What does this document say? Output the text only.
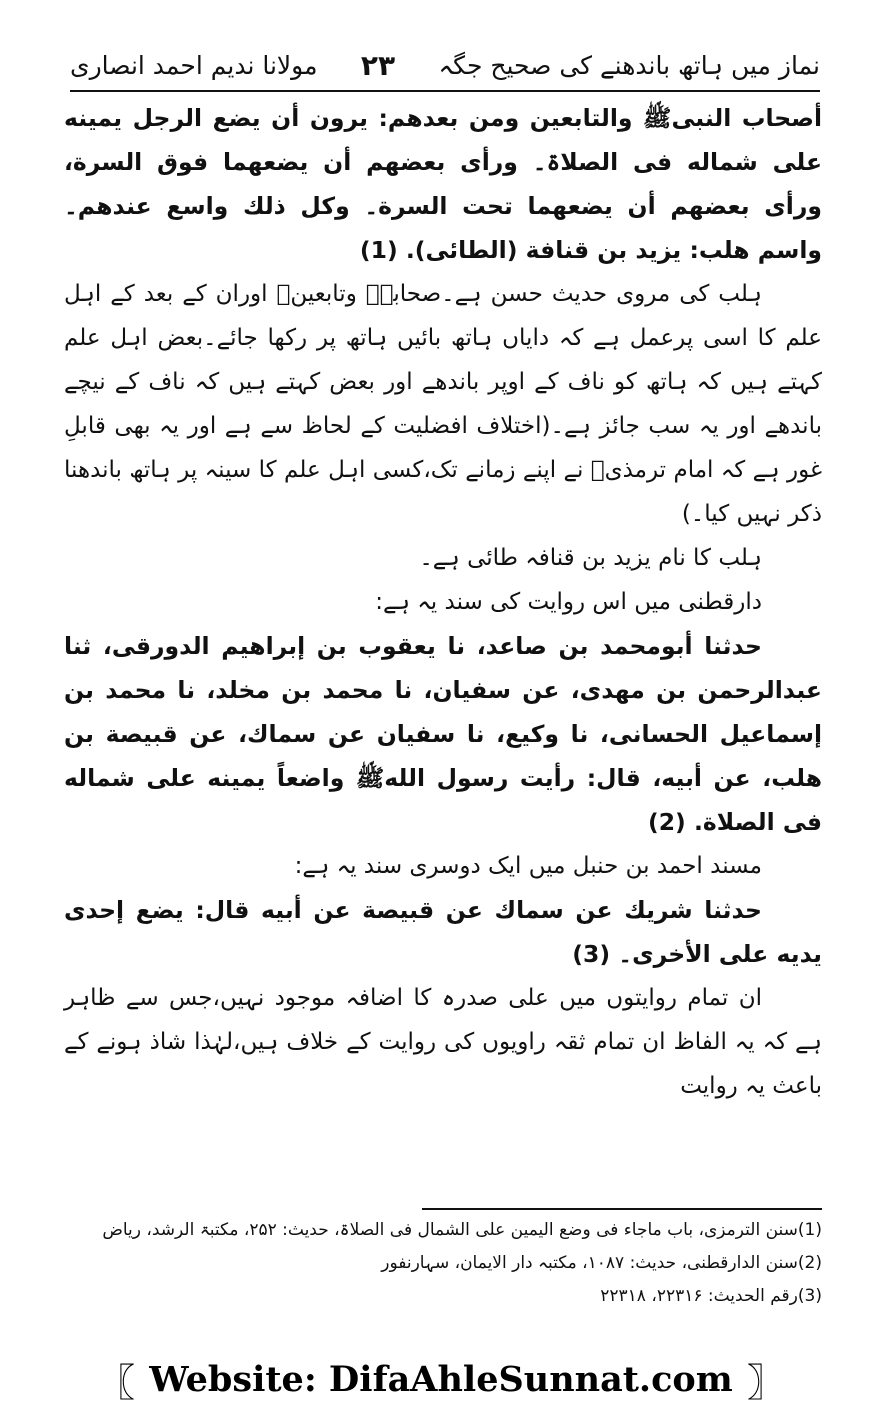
نماز میں ہاتھ باندھنے کی صحیح جگہ
۲۳
مولانا ندیم احمد انصاری

أصحاب النبیﷺ والتابعين ومن بعدهم: يرون أن يضع الرجل يمينه علی شماله فی الصلاۃ۔ ورأی بعضهم أن يضعهما فوق السرة، ورأی بعضهم أن يضعهما تحت السرة۔ وكل ذلك واسع عندهم۔ واسم هلب: يزيد بن قنافة (الطائی). (1)

ہلب کی مروی حدیث حسن ہے۔صحابہؓ وتابعینؒ اوران کے بعد کے اہل علم کا اسی پرعمل ہے کہ دایاں ہاتھ بائیں ہاتھ پر رکھا جائے۔بعض اہل علم کہتے ہیں کہ ہاتھ کو ناف کے اوپر باندھے اور بعض کہتے ہیں کہ ناف کے نیچے باندھے اور یہ سب جائز ہے۔(اختلاف افضلیت کے لحاظ سے ہے اور یہ بھی قابلِ غور ہے کہ امام ترمذیؒ نے اپنے زمانے تک،کسی اہل علم کا سینہ پر ہاتھ باندھنا ذکر نہیں کیا۔)

ہلب کا نام یزید بن قنافہ طائی ہے۔

دارقطنی میں اس روایت کی سند یہ ہے:

حدثنا أبومحمد بن صاعد، نا يعقوب بن إبراهيم الدورقی، ثنا عبدالرحمن بن مهدی، عن سفيان، نا محمد بن مخلد، نا محمد بن إسماعيل الحسانی، نا وكيع، نا سفيان عن سماك، عن قبيصة بن هلب، عن أبيه، قال: رأيت رسول اللهﷺ واضعاً يمينه علی شماله فی الصلاة. (2)

مسند احمد بن حنبل میں ایک دوسری سند یہ ہے:

حدثنا شريك عن سماك عن قبيصة عن أبيه قال: يضع إحدی يديه علی الأخری۔ (3)

ان تمام روایتوں میں علی صدرہ کا اضافہ موجود نہیں،جس سے ظاہر ہے کہ یہ الفاظ ان تمام ثقہ راویوں کی روایت کے خلاف ہیں،لہٰذا شاذ ہونے کے باعث یہ روایت

(1)سنن الترمزی، باب ماجاء فی وضع الیمین علی الشمال فی الصلاۃ، حدیث: ۲۵۲، مکتبۃ الرشد، ریاض
(2)سنن الدارقطنی، حدیث: ۱۰۸۷، مکتبہ دار الایمان، سہارنفور
(3)رقم الحدیث: ۲۲۳۱۶، ۲۲۳۱۸
〖 Website: DifaAhleSunnat.com 〗
